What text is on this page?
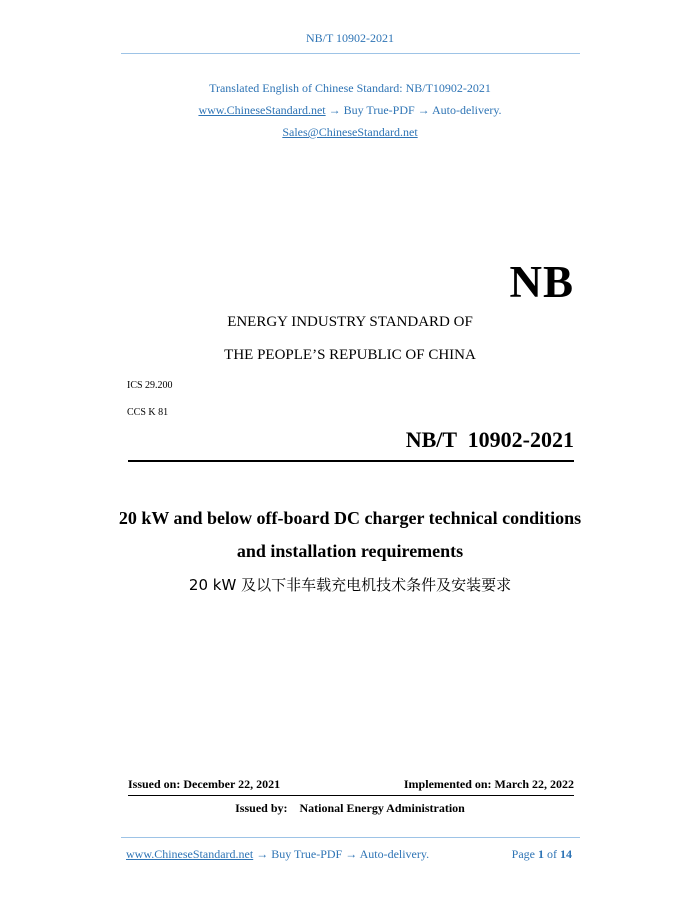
NB/T 10902-2021
Translated English of Chinese Standard: NB/T10902-2021
www.ChineseStandard.net → Buy True-PDF → Auto-delivery.
Sales@ChineseStandard.net
NB
ENERGY INDUSTRY STANDARD OF
THE PEOPLE’S REPUBLIC OF CHINA
ICS 29.200
CCS K 81
NB/T  10902-2021
20 kW and below off-board DC charger technical conditions
and installation requirements
20 kW 及以下非车载充电机技术条件及安装要求
Issued on: December 22, 2021	Implemented on: March 22, 2022
Issued by:    National Energy Administration
www.ChineseStandard.net → Buy True-PDF → Auto-delivery.	Page 1 of 14
